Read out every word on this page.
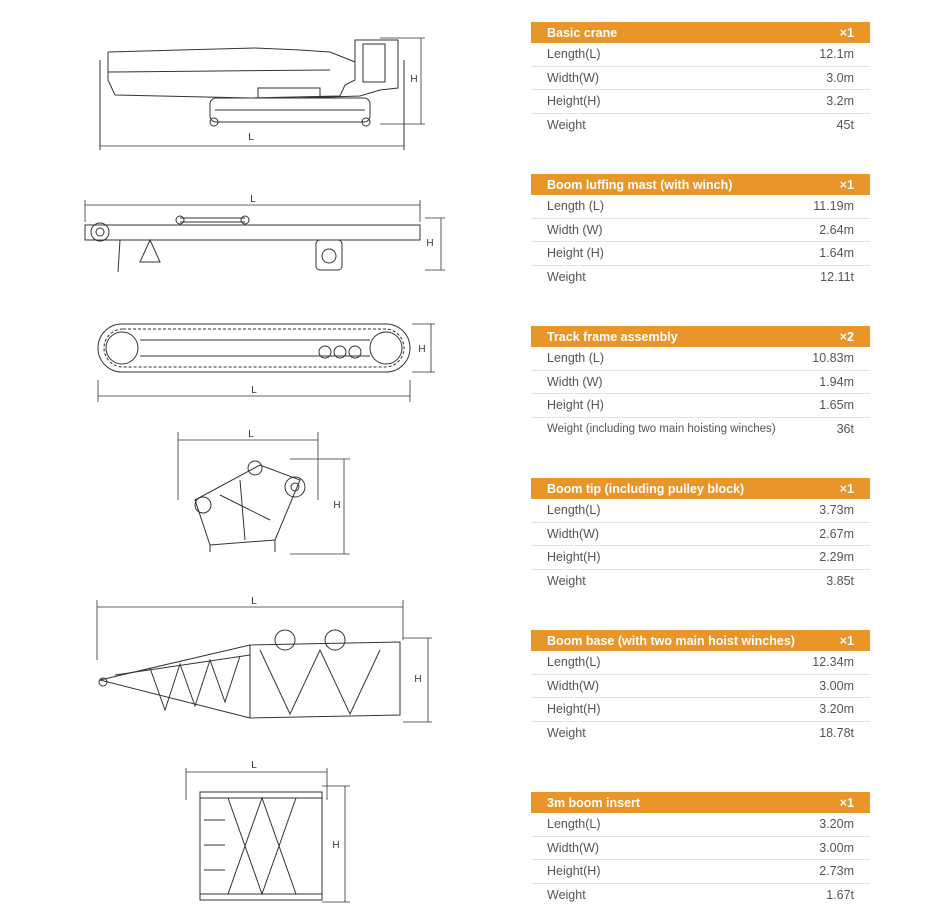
L
H
L
H
L
H
L
H
L
H
L
H
Basic crane	×1
Length(L)	12.1m
Width(W)	3.0m
Height(H)	3.2m
Weight	45t
Boom luffing mast (with winch)	×1
Length (L)	11.19m
Width (W)	2.64m
Height (H)	1.64m
Weight	12.11t
Track frame assembly	×2
Length (L)	10.83m
Width (W)	1.94m
Height (H)	1.65m
Weight (including two main hoisting winches)	36t
Boom tip (including pulley block)	×1
Length(L)	3.73m
Width(W)	2.67m
Height(H)	2.29m
Weight	3.85t
Boom base (with two main hoist winches)	×1
Length(L)	12.34m
Width(W)	3.00m
Height(H)	3.20m
Weight	18.78t
3m boom insert	×1
Length(L)	3.20m
Width(W)	3.00m
Height(H)	2.73m
Weight	1.67t
